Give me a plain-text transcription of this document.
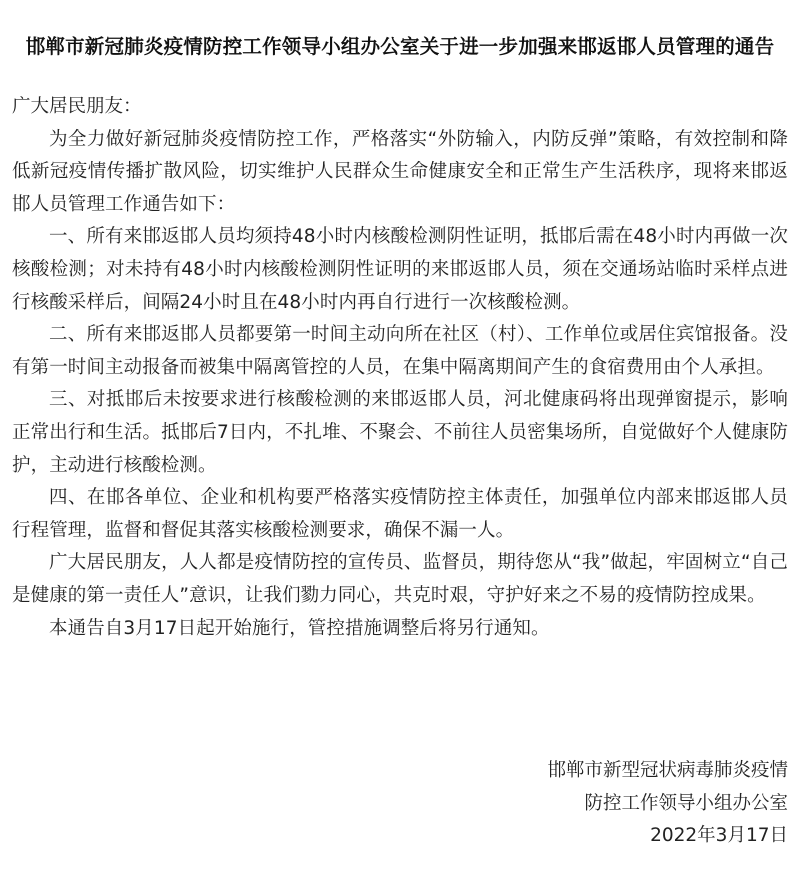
邯郸市新冠肺炎疫情防控工作领导小组办公室关于进一步加强来邯返邯人员管理的通告

广大居民朋友：

为全力做好新冠肺炎疫情防控工作，严格落实“外防输入，内防反弹”策略，有效控制和降低新冠疫情传播扩散风险，切实维护人民群众生命健康安全和正常生产生活秩序，现将来邯返邯人员管理工作通告如下：

一、所有来邯返邯人员均须持48小时内核酸检测阴性证明，抵邯后需在48小时内再做一次核酸检测；对未持有48小时内核酸检测阴性证明的来邯返邯人员，须在交通场站临时采样点进行核酸采样后，间隔24小时且在48小时内再自行进行一次核酸检测。

二、所有来邯返邯人员都要第一时间主动向所在社区（村）、工作单位或居住宾馆报备。没有第一时间主动报备而被集中隔离管控的人员，在集中隔离期间产生的食宿费用由个人承担。

三、对抵邯后未按要求进行核酸检测的来邯返邯人员，河北健康码将出现弹窗提示，影响正常出行和生活。抵邯后7日内，不扎堆、不聚会、不前往人员密集场所，自觉做好个人健康防护，主动进行核酸检测。

四、在邯各单位、企业和机构要严格落实疫情防控主体责任，加强单位内部来邯返邯人员行程管理，监督和督促其落实核酸检测要求，确保不漏一人。

广大居民朋友，人人都是疫情防控的宣传员、监督员，期待您从“我”做起，牢固树立“自己是健康的第一责任人”意识，让我们勠力同心，共克时艰，守护好来之不易的疫情防控成果。

本通告自3月17日起开始施行，管控措施调整后将另行通知。

邯郸市新型冠状病毒肺炎疫情
防控工作领导小组办公室
2022年3月17日
